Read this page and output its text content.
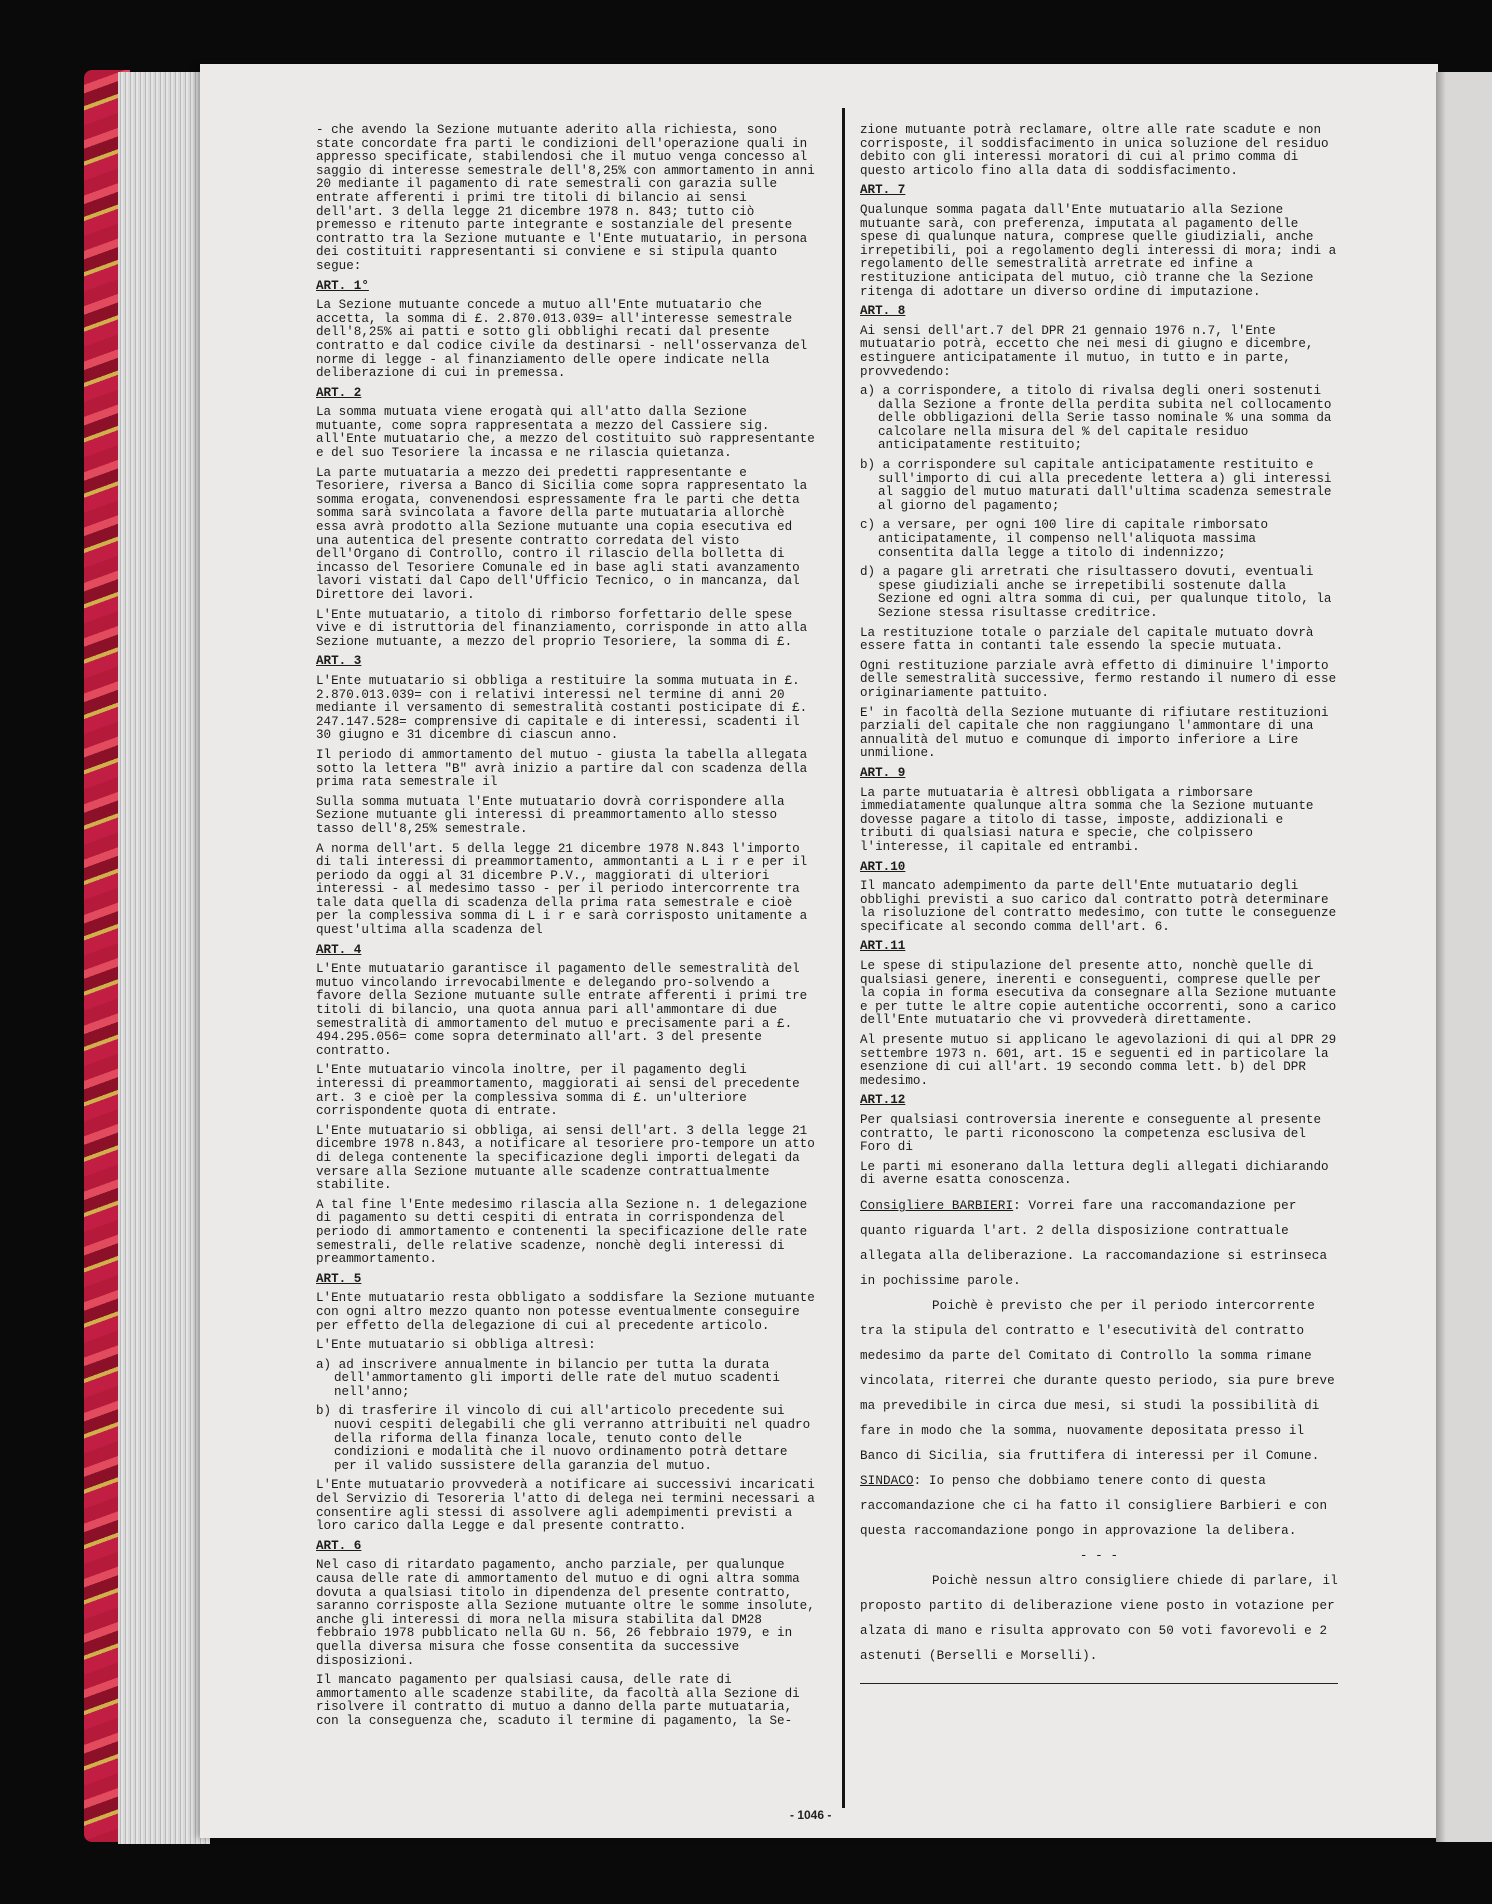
- che avendo la Sezione mutuante aderito alla richiesta, sono state concordate fra parti le condizioni dell'operazione quali in appresso specificate, stabilendosi che il mutuo venga concesso al saggio di interesse semestrale dell'8,25% con ammortamento in anni 20 mediante il pagamento di rate semestrali con garazia sulle entrate afferenti i primi tre titoli di bilancio ai sensi dell'art. 3 della legge 21 dicembre 1978 n. 843; tutto ciò premesso e ritenuto parte integrante e sostanziale del presente contratto tra la Sezione mutuante e l'Ente mutuatario, in persona dei costituiti rappresentanti si conviene e si stipula quanto segue:

ART. 1°

La Sezione mutuante concede a mutuo all'Ente mutuatario che accetta, la somma di £. 2.870.013.039= all'interesse semestrale dell'8,25% ai patti e sotto gli obblighi recati dal presente contratto e dal codice civile da destinarsi - nell'osservanza del norme di legge - al finanziamento delle opere indicate nella deliberazione di cui in premessa.

ART. 2

La somma mutuata viene erogatà qui all'atto dalla Sezione mutuante, come sopra rappresentata a mezzo del Cassiere sig. all'Ente mutuatario che, a mezzo del costituito suò rappresentante e del suo Tesoriere la incassa e ne rilascia quietanza.

La parte mutuataria a mezzo dei predetti rappresentante e Tesoriere, riversa a Banco di Sicilia come sopra rappresentato la somma erogata, convenendosi espressamente fra le parti che detta somma sarà svincolata a favore della parte mutuataria allorchè essa avrà prodotto alla Sezione mutuante una copia esecutiva ed una autentica del presente contratto corredata del visto dell'Organo di Controllo, contro il rilascio della bolletta di incasso del Tesoriere Comunale ed in base agli stati avanzamento lavori vistati dal Capo dell'Ufficio Tecnico, o in mancanza, dal Direttore dei lavori.

L'Ente mutuatario, a titolo di rimborso forfettario delle spese vive e di istruttoria del finanziamento, corrisponde in atto alla Sezione mutuante, a mezzo del proprio Tesoriere, la somma di £.

ART. 3

L'Ente mutuatario si obbliga a restituire la somma mutuata in £. 2.870.013.039= con i relativi interessi nel termine di anni 20 mediante il versamento di semestralità costanti posticipate di £. 247.147.528= comprensive di capitale e di interessi, scadenti il 30 giugno e 31 dicembre di ciascun anno.

Il periodo di ammortamento del mutuo - giusta la tabella allegata sotto la lettera "B" avrà inizio a partire dal con scadenza della prima rata semestrale il

Sulla somma mutuata l'Ente mutuatario dovrà corrispondere alla Sezione mutuante gli interessi di preammortamento allo stesso tasso dell'8,25% semestrale.

A norma dell'art. 5 della legge 21 dicembre 1978 N.843 l'importo di tali interessi di preammortamento, ammontanti a L i r e per il periodo da oggi al 31 dicembre P.V., maggiorati di ulteriori interessi - al medesimo tasso - per il periodo intercorrente tra tale data quella di scadenza della prima rata semestrale e cioè per la complessiva somma di L i r e sarà corrisposto unitamente a quest'ultima alla scadenza del

ART. 4

L'Ente mutuatario garantisce il pagamento delle semestralità del mutuo vincolando irrevocabilmente e delegando pro-solvendo a favore della Sezione mutuante sulle entrate afferenti i primi tre titoli di bilancio, una quota annua pari all'ammontare di due semestralità di ammortamento del mutuo e precisamente pari a £. 494.295.056= come sopra determinato all'art. 3 del presente contratto.

L'Ente mutuatario vincola inoltre, per il pagamento degli interessi di preammortamento, maggiorati ai sensi del precedente art. 3 e cioè per la complessiva somma di £. un'ulteriore corrispondente quota di entrate.

L'Ente mutuatario si obbliga, ai sensi dell'art. 3 della legge 21 dicembre 1978 n.843, a notificare al tesoriere pro-tempore un atto di delega contenente la specificazione degli importi delegati da versare alla Sezione mutuante alle scadenze contrattualmente stabilite.

A tal fine l'Ente medesimo rilascia alla Sezione n. 1 delegazione di pagamento su detti cespiti di entrata in corrispondenza del periodo di ammortamento e contenenti la specificazione delle rate semestrali, delle relative scadenze, nonchè degli interessi di preammortamento.

ART. 5

L'Ente mutuatario resta obbligato a soddisfare la Sezione mutuante con ogni altro mezzo quanto non potesse eventualmente conseguire per effetto della delegazione di cui al precedente articolo.

L'Ente mutuatario si obbliga altresì:

a) ad inscrivere annualmente in bilancio per tutta la durata dell'ammortamento gli importi delle rate del mutuo scadenti nell'anno;

b) di trasferire il vincolo di cui all'articolo precedente sui nuovi cespiti delegabili che gli verranno attribuiti nel quadro della riforma della finanza locale, tenuto conto delle condizioni e modalità che il nuovo ordinamento potrà dettare per il valido sussistere della garanzia del mutuo.

L'Ente mutuatario provvederà a notificare ai successivi incaricati del Servizio di Tesoreria l'atto di delega nei termini necessari a consentire agli stessi di assolvere agli adempimenti previsti a loro carico dalla Legge e dal presente contratto.

ART. 6

Nel caso di ritardato pagamento, ancho parziale, per qualunque causa delle rate di ammortamento del mutuo e di ogni altra somma dovuta a qualsiasi titolo in dipendenza del presente contratto, saranno corrisposte alla Sezione mutuante oltre le somme insolute, anche gli interessi di mora nella misura stabilita dal DM28 febbraio 1978 pubblicato nella GU n. 56, 26 febbraio 1979, e in quella diversa misura che fosse consentita da successive disposizioni.

Il mancato pagamento per qualsiasi causa, delle rate di ammortamento alle scadenze stabilite, da facoltà alla Sezione di risolvere il contratto di mutuo a danno della parte mutuataria, con la conseguenza che, scaduto il termine di pagamento, la Se-

zione mutuante potrà reclamare, oltre alle rate scadute e non corrisposte, il soddisfacimento in unica soluzione del residuo debito con gli interessi moratori di cui al primo comma di questo articolo fino alla data di soddisfacimento.

ART. 7

Qualunque somma pagata dall'Ente mutuatario alla Sezione mutuante sarà, con preferenza, imputata al pagamento delle spese di qualunque natura, comprese quelle giudiziali, anche irrepetibili, poi a regolamento degli interessi di mora; indi a regolamento delle semestralità arretrate ed infine a restituzione anticipata del mutuo, ciò tranne che la Sezione ritenga di adottare un diverso ordine di imputazione.

ART. 8

Ai sensi dell'art.7 del DPR 21 gennaio 1976 n.7, l'Ente mutuatario potrà, eccetto che nei mesi di giugno e dicembre, estinguere anticipatamente il mutuo, in tutto e in parte, provvedendo:

a) a corrispondere, a titolo di rivalsa degli oneri sostenuti dalla Sezione a fronte della perdita subita nel collocamento delle obbligazioni della Serie tasso nominale % una somma da calcolare nella misura del % del capitale residuo anticipatamente restituito;

b) a corrispondere sul capitale anticipatamente restituito e sull'importo di cui alla precedente lettera a) gli interessi al saggio del mutuo maturati dall'ultima scadenza semestrale al giorno del pagamento;

c) a versare, per ogni 100 lire di capitale rimborsato anticipatamente, il compenso nell'aliquota massima consentita dalla legge a titolo di indennizzo;

d) a pagare gli arretrati che risultassero dovuti, eventuali spese giudiziali anche se irrepetibili sostenute dalla Sezione ed ogni altra somma di cui, per qualunque titolo, la Sezione stessa risultasse creditrice.

La restituzione totale o parziale del capitale mutuato dovrà essere fatta in contanti tale essendo la specie mutuata.

Ogni restituzione parziale avrà effetto di diminuire l'importo delle semestralità successive, fermo restando il numero di esse originariamente pattuito.

E' in facoltà della Sezione mutuante di rifiutare restituzioni parziali del capitale che non raggiungano l'ammontare di una annualità del mutuo e comunque di importo inferiore a Lire unmilione.

ART. 9

La parte mutuataria è altresì obbligata a rimborsare immediatamente qualunque altra somma che la Sezione mutuante dovesse pagare a titolo di tasse, imposte, addizionali e tributi di qualsiasi natura e specie, che colpissero l'interesse, il capitale ed entrambi.

ART.10

Il mancato adempimento da parte dell'Ente mutuatario degli obblighi previsti a suo carico dal contratto potrà determinare la risoluzione del contratto medesimo, con tutte le conseguenze specificate al secondo comma dell'art. 6.

ART.11

Le spese di stipulazione del presente atto, nonchè quelle di qualsiasi genere, inerenti e conseguenti, comprese quelle per la copia in forma esecutiva da consegnare alla Sezione mutuante e per tutte le altre copie autentiche occorrenti, sono a carico dell'Ente mutuatario che vi provvederà direttamente.

Al presente mutuo si applicano le agevolazioni di qui al DPR 29 settembre 1973 n. 601, art. 15 e seguenti ed in particolare la esenzione di cui all'art. 19 secondo comma lett. b) del DPR medesimo.

ART.12

Per qualsiasi controversia inerente e conseguente al presente contratto, le parti riconoscono la competenza esclusiva del Foro di

Le parti mi esonerano dalla lettura degli allegati dichiarando di averne esatta conoscenza.

Consigliere BARBIERI: Vorrei fare una raccomandazione per quanto riguarda l'art. 2 della disposizione contrattuale allegata alla deliberazione. La raccomandazione si estrinseca in pochissime parole.

Poichè è previsto che per il periodo intercorrente tra la stipula del contratto e l'esecutività del contratto medesimo da parte del Comitato di Controllo la somma rimane vincolata, riterrei che durante questo periodo, sia pure breve ma prevedibile in circa due mesi, si studi la possibilità di fare in modo che la somma, nuovamente depositata presso il Banco di Sicilia, sia fruttifera di interessi per il Comune.

SINDACO: Io penso che dobbiamo tenere conto di questa raccomandazione che ci ha fatto il consigliere Barbieri e con questa raccomandazione pongo in approvazione la delibera.

- - -

Poichè nessun altro consigliere chiede di parlare, il proposto partito di deliberazione viene posto in votazione per alzata di mano e risulta approvato con 50 voti favorevoli e 2 astenuti (Berselli e Morselli).

- 1046 -
